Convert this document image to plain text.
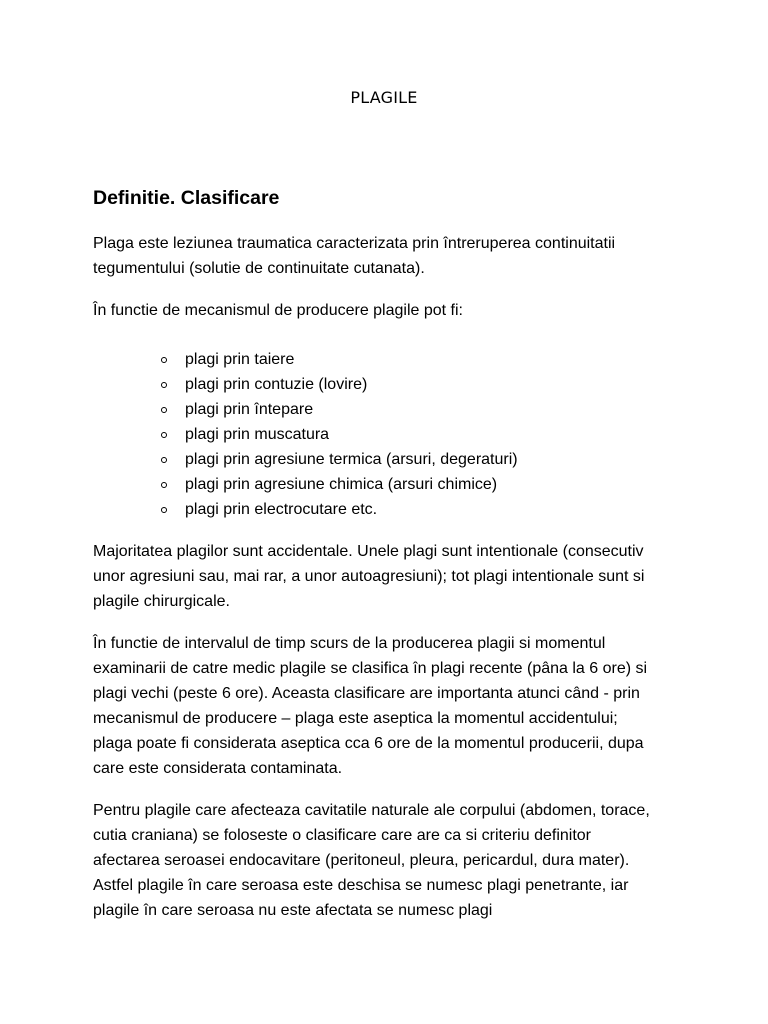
PLAGILE
Definitie. Clasificare

Plaga este leziunea traumatica caracterizata prin întreruperea continuitatii tegumentului (solutie de continuitate cutanata).

În functie de mecanismul de producere plagile pot fi:

plagi prin taiere
plagi prin contuzie (lovire)
plagi prin întepare
plagi prin muscatura
plagi prin agresiune termica (arsuri, degeraturi)
plagi prin agresiune chimica (arsuri chimice)
plagi prin electrocutare etc.

Majoritatea plagilor sunt accidentale. Unele plagi sunt intentionale (consecutiv unor agresiuni sau, mai rar, a unor autoagresiuni); tot plagi intentionale sunt si plagile chirurgicale.

În functie de intervalul de timp scurs de la producerea plagii si momentul examinarii de catre medic plagile se clasifica în plagi recente (pâna la 6 ore) si plagi vechi (peste 6 ore). Aceasta clasificare are importanta atunci când - prin mecanismul de producere – plaga este aseptica la momentul accidentului; plaga poate fi considerata aseptica cca 6 ore de la momentul producerii, dupa care este considerata contaminata.

Pentru plagile care afecteaza cavitatile naturale ale corpului (abdomen, torace, cutia craniana) se foloseste o clasificare care are ca si criteriu definitor afectarea seroasei endocavitare (peritoneul, pleura, pericardul, dura mater). Astfel plagile în care seroasa este deschisa se numesc plagi penetrante, iar plagile în care seroasa nu este afectata se numesc plagi
